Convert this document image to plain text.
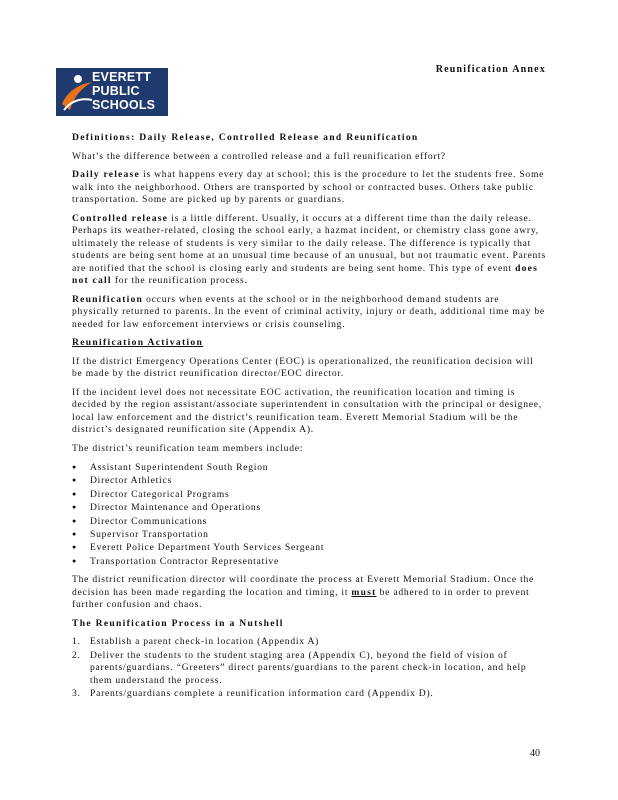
EVERETT
PUBLIC
SCHOOLS
Reunification Annex
Definitions: Daily Release, Controlled Release and Reunification

What’s the difference between a controlled release and a full reunification effort?

Daily release is what happens every day at school; this is the procedure to let the students free. Some walk into the neighborhood. Others are transported by school or contracted buses. Others take public transportation. Some are picked up by parents or guardians.

Controlled release is a little different. Usually, it occurs at a different time than the daily release. Perhaps its weather-related, closing the school early, a hazmat incident, or chemistry class gone awry, ultimately the release of students is very similar to the daily release. The difference is typically that students are being sent home at an unusual time because of an unusual, but not traumatic event. Parents are notified that the school is closing early and students are being sent home. This type of event does not call for the reunification process.

Reunification occurs when events at the school or in the neighborhood demand students are physically returned to parents. In the event of criminal activity, injury or death, additional time may be needed for law enforcement interviews or crisis counseling.

Reunification Activation

If the district Emergency Operations Center (EOC) is operationalized, the reunification decision will be made by the district reunification director/EOC director.

If the incident level does not necessitate EOC activation, the reunification location and timing is decided by the region assistant/associate superintendent in consultation with the principal or designee, local law enforcement and the district’s reunification team. Everett Memorial Stadium will be the district’s designated reunification site (Appendix A).

The district’s reunification team members include:

● Assistant Superintendent South Region
● Director Athletics
● Director Categorical Programs
● Director Maintenance and Operations
● Director Communications
● Supervisor Transportation
● Everett Police Department Youth Services Sergeant
● Transportation Contractor Representative

The district reunification director will coordinate the process at Everett Memorial Stadium. Once the decision has been made regarding the location and timing, it must be adhered to in order to prevent further confusion and chaos.

The Reunification Process in a Nutshell
1. Establish a parent check-in location (Appendix A)
2. Deliver the students to the student staging area (Appendix C), beyond the field of vision of parents/guardians. “Greeters” direct parents/guardians to the parent check-in location, and help them understand the process.
3. Parents/guardians complete a reunification information card (Appendix D).
40
